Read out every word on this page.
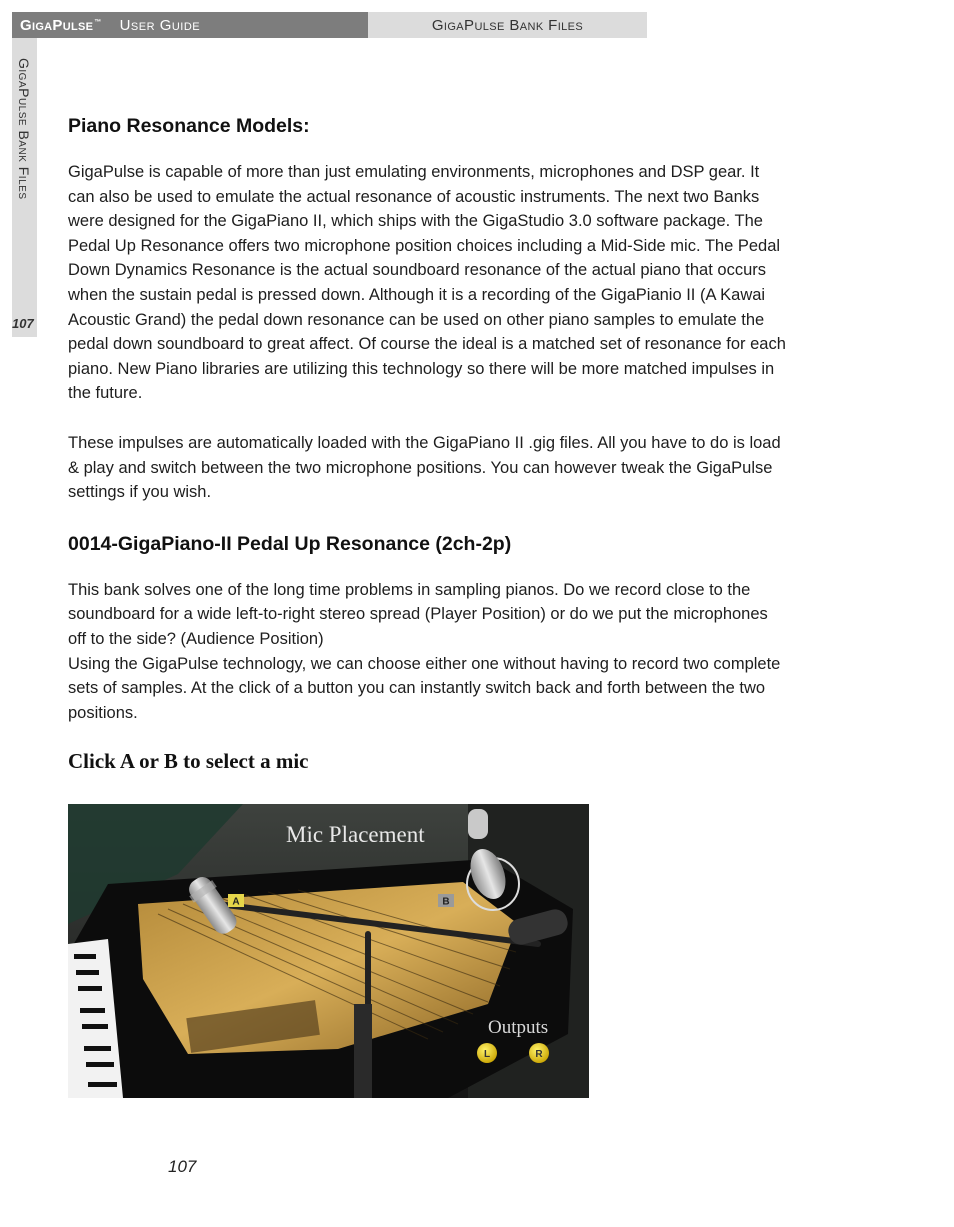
GigaPulse™ User Guide	GigaPulse Bank Files
GigaPulse Bank Files
107
Piano Resonance Models:

GigaPulse is capable of more than just emulating environments, microphones and DSP gear. It can also be used to emulate the actual resonance of acoustic instruments. The next two Banks were designed for the GigaPiano II, which ships with the GigaStudio 3.0 software package. The Pedal Up Resonance offers two microphone position choices including a Mid-Side mic. The Pedal Down Dynamics Resonance is the actual soundboard resonance of the actual piano that occurs when the sustain pedal is pressed down. Although it is a recording of the GigaPianio II (A Kawai Acoustic Grand) the pedal down resonance can be used on other piano samples to emulate the pedal down soundboard to great affect. Of course the ideal is a matched set of resonance for each piano. New Piano libraries are utilizing this technology so there will be more matched impulses in the future.

These impulses are automatically loaded with the GigaPiano II .gig files. All you have to do is load & play and switch between the two microphone positions. You can however tweak the GigaPulse settings if you wish.

0014-GigaPiano-II Pedal Up Resonance (2ch-2p)

This bank solves one of the long time problems in sampling pianos. Do we record close to the soundboard for a wide left-to-right stereo spread (Player Position) or do we put the microphones off to the side? (Audience Position)

Using the GigaPulse technology, we can choose either one without having to record two complete sets of samples. At the click of a button you can instantly switch back and forth between the two positions.

Click A or B to select a mic
Mic Placement
A	B
Outputs
L	R
107
